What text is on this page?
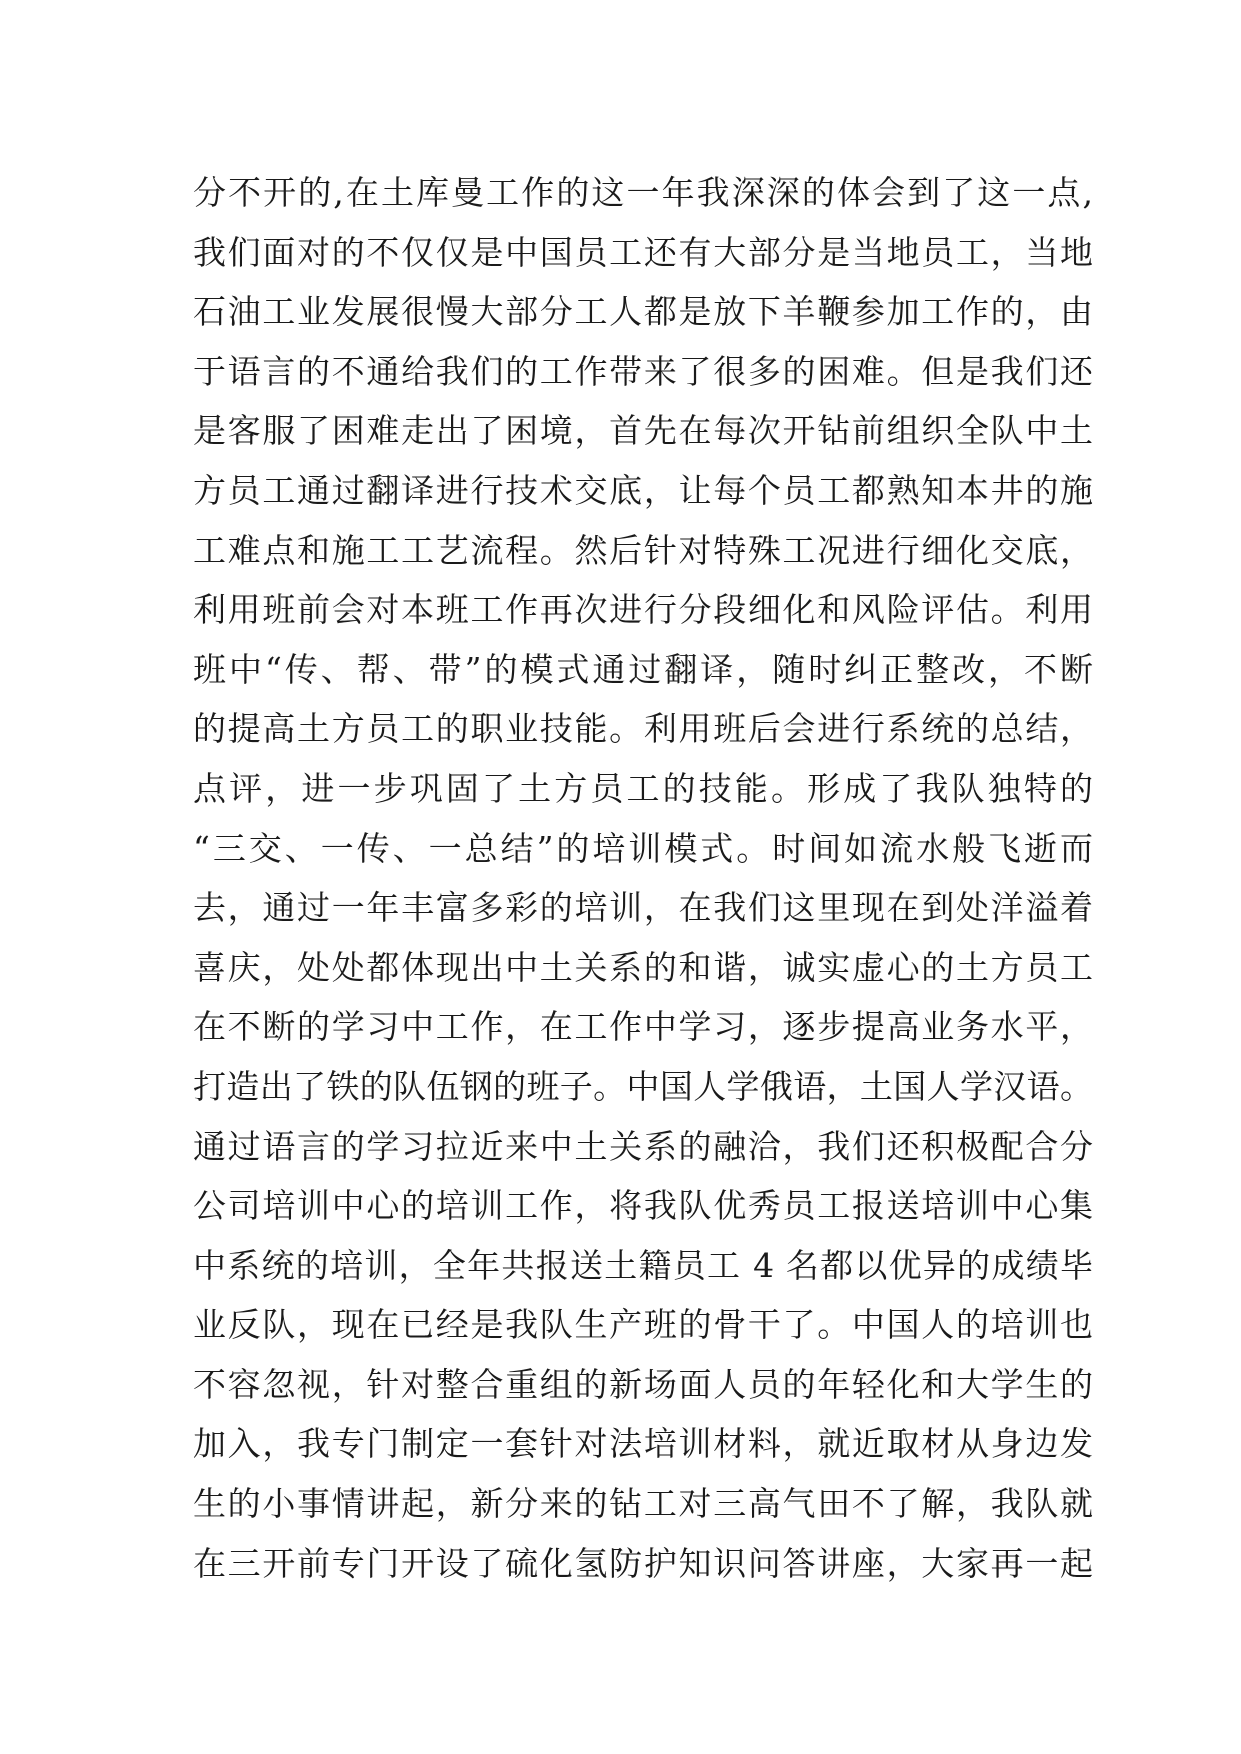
分不开的,在土库曼工作的这一年我深深的体会到了这一点,
我们面对的不仅仅是中国员工还有大部分是当地员工，当地
石油工业发展很慢大部分工人都是放下羊鞭参加工作的，由
于语言的不通给我们的工作带来了很多的困难。但是我们还
是客服了困难走出了困境，首先在每次开钻前组织全队中土
方员工通过翻译进行技术交底，让每个员工都熟知本井的施
工难点和施工工艺流程。然后针对特殊工况进行细化交底，
利用班前会对本班工作再次进行分段细化和风险评估。利用
班中“传、帮、带”的模式通过翻译，随时纠正整改，不断
的提高土方员工的职业技能。利用班后会进行系统的总结，
点评，进一步巩固了土方员工的技能。形成了我队独特的
“三交、一传、一总结”的培训模式。时间如流水般飞逝而
去，通过一年丰富多彩的培训，在我们这里现在到处洋溢着
喜庆，处处都体现出中土关系的和谐，诚实虚心的土方员工
在不断的学习中工作，在工作中学习，逐步提高业务水平，
打造出了铁的队伍钢的班子。中国人学俄语，土国人学汉语。
通过语言的学习拉近来中土关系的融洽，我们还积极配合分
公司培训中心的培训工作，将我队优秀员工报送培训中心集
中系统的培训，全年共报送土籍员工 4 名都以优异的成绩毕
业反队，现在已经是我队生产班的骨干了。中国人的培训也
不容忽视，针对整合重组的新场面人员的年轻化和大学生的
加入，我专门制定一套针对法培训材料，就近取材从身边发
生的小事情讲起，新分来的钻工对三高气田不了解，我队就
在三开前专门开设了硫化氢防护知识问答讲座，大家再一起
